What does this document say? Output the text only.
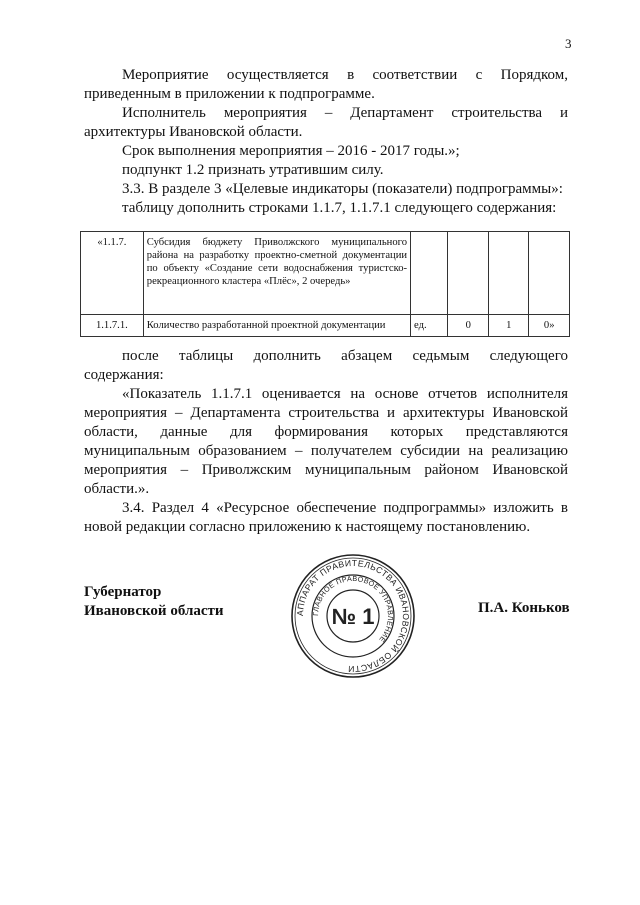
3

Мероприятие осуществляется в соответствии с Порядком, приведенным в приложении к подпрограмме.

Исполнитель мероприятия – Департамент строительства и архитектуры Ивановской области.

Срок выполнения мероприятия – 2016 - 2017 годы.»;

подпункт 1.2 признать утратившим силу.

3.3. В разделе 3 «Целевые индикаторы (показатели) подпрограммы»:

таблицу дополнить строками 1.1.7, 1.1.7.1 следующего содержания:

«1.1.7.	Субсидия бюджету Приволжского муниципального района на разработку проектно-сметной документации по объекту «Создание сети водоснабжения туристско-рекреационного кластера «Плёс», 2 очередь»				
1.1.7.1.	Количество разработанной проектной документации	ед.	0	1	0»

после таблицы дополнить абзацем седьмым следующего содержания:

«Показатель 1.1.7.1 оценивается на основе отчетов исполнителя мероприятия – Департамента строительства и архитектуры Ивановской области, данные для формирования которых представляются муниципальным образованием – получателем субсидии на реализацию мероприятия – Приволжским муниципальным районом Ивановской области.».

3.4. Раздел 4 «Ресурсное обеспечение подпрограммы» изложить в новой редакции согласно приложению к настоящему постановлению.

Губернатор
Ивановской области	АППАРАТ ПРАВИТЕЛЬСТВА ИВАНОВСКОЙ ОБЛАСТИ
ГЛАВНОЕ ПРАВОВОЕ УПРАВЛЕНИЕ
№ 1	П.А. Коньков
